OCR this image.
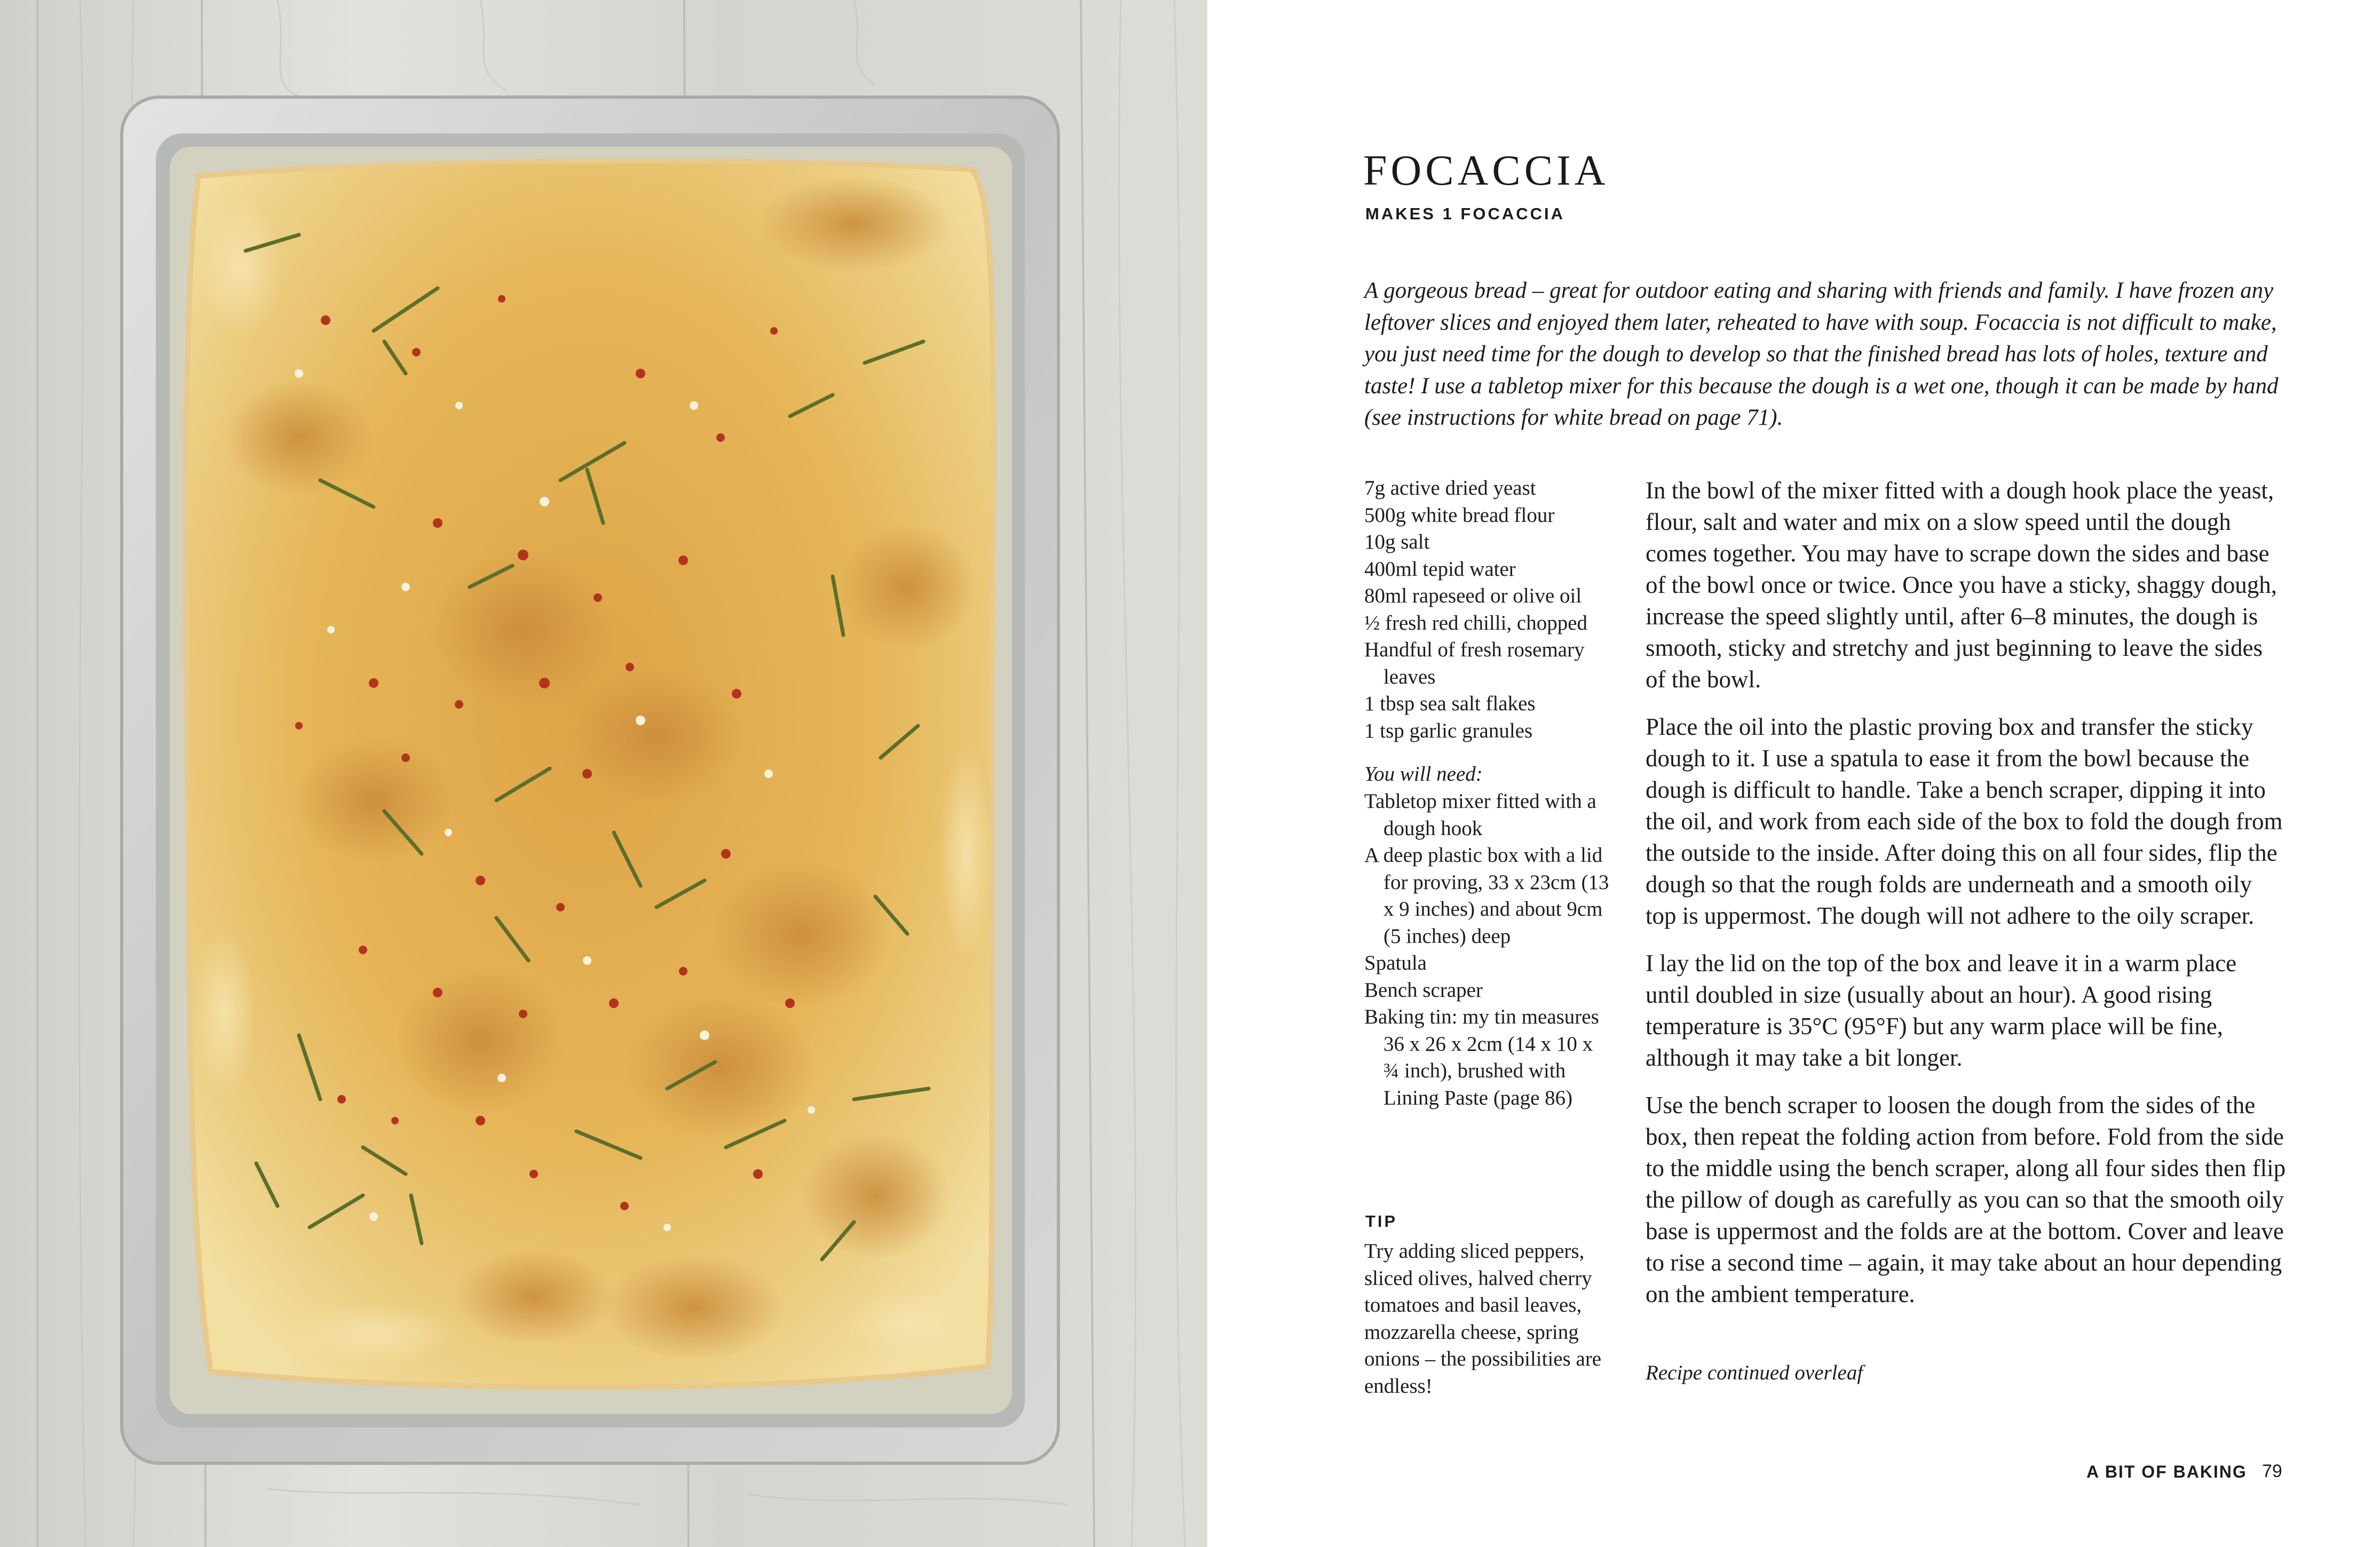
FOCACCIA
MAKES 1 FOCACCIA

A gorgeous bread – great for outdoor eating and sharing with friends and family. I have frozen any leftover slices and enjoyed them later, reheated to have with soup. Focaccia is not difficult to make, you just need time for the dough to develop so that the finished bread has lots of holes, texture and taste! I use a tabletop mixer for this because the dough is a wet one, though it can be made by hand (see instructions for white bread on page 71).

7g active dried yeast
500g white bread flour
10g salt
400ml tepid water
80ml rapeseed or olive oil
½ fresh red chilli, chopped
Handful of fresh rosemary leaves
1 tbsp sea salt flakes
1 tsp garlic granules
You will need:
Tabletop mixer fitted with a dough hook
A deep plastic box with a lid for proving, 33 x 23cm (13 x 9 inches) and about 9cm (5 inches) deep
Spatula
Bench scraper
Baking tin: my tin measures 36 x 26 x 2cm (14 x 10 x ¾ inch), brushed with Lining Paste (page 86)
TIP

Try adding sliced peppers, sliced olives, halved cherry tomatoes and basil leaves, mozzarella cheese, spring onions – the possibilities are endless!

In the bowl of the mixer fitted with a dough hook place the yeast, flour, salt and water and mix on a slow speed until the dough comes together. You may have to scrape down the sides and base of the bowl once or twice. Once you have a sticky, shaggy dough, increase the speed slightly until, after 6–8 minutes, the dough is smooth, sticky and stretchy and just beginning to leave the sides of the bowl.

Place the oil into the plastic proving box and transfer the sticky dough to it. I use a spatula to ease it from the bowl because the dough is difficult to handle. Take a bench scraper, dipping it into the oil, and work from each side of the box to fold the dough from the outside to the inside. After doing this on all four sides, flip the dough so that the rough folds are underneath and a smooth oily top is uppermost. The dough will not adhere to the oily scraper.

I lay the lid on the top of the box and leave it in a warm place until doubled in size (usually about an hour). A good rising temperature is 35°C (95°F) but any warm place will be fine, although it may take a bit longer.

Use the bench scraper to loosen the dough from the sides of the box, then repeat the folding action from before. Fold from the side to the middle using the bench scraper, along all four sides then flip the pillow of dough as carefully as you can so that the smooth oily base is uppermost and the folds are at the bottom. Cover and leave to rise a second time – again, it may take about an hour depending on the ambient temperature.

Recipe continued overleaf
A BIT OF BAKING 79
